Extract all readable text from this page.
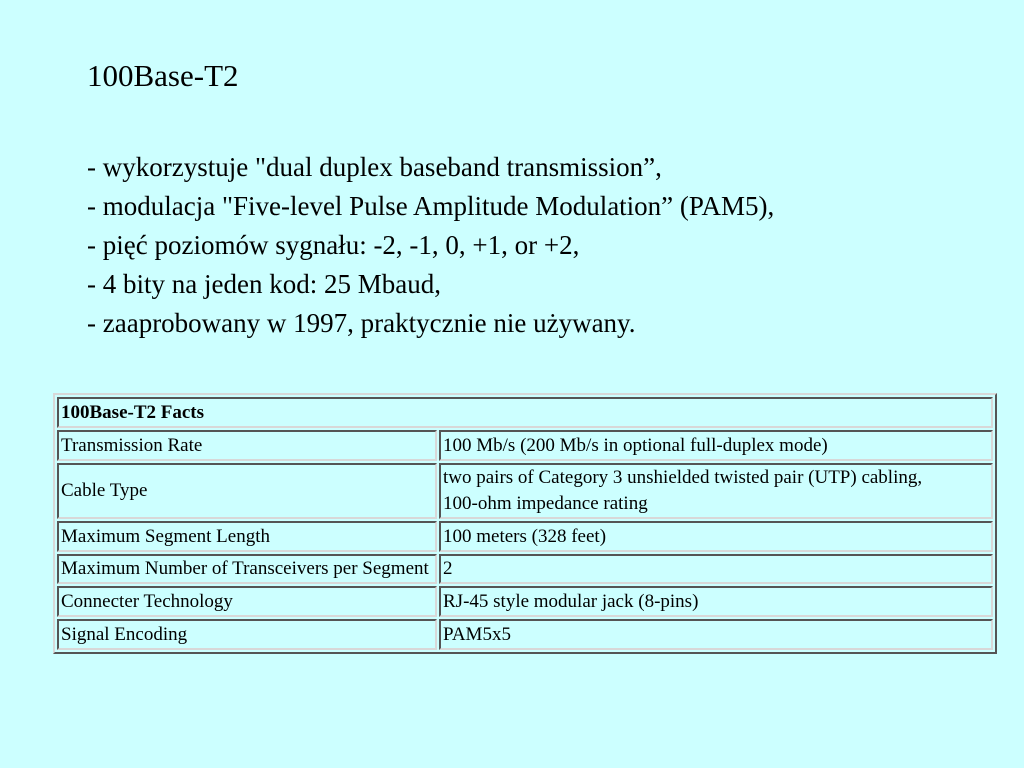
100Base-T2
- wykorzystuje "dual duplex baseband transmission”,
- modulacja "Five-level Pulse Amplitude Modulation” (PAM5),
- pięć poziomów sygnału: -2, -1, 0, +1, or +2,
- 4 bity na jeden kod: 25 Mbaud,
- zaaprobowany w 1997, praktycznie nie używany.
100Base-T2 Facts	
Transmission Rate	100 Mb/s (200 Mb/s in optional full-duplex mode)
Cable Type	two pairs of Category 3 unshielded twisted pair (UTP) cabling,
100-ohm impedance rating
Maximum Segment Length	100 meters (328 feet)
Maximum Number of Transceivers per Segment	2
Connecter Technology	RJ-45 style modular jack (8-pins)
Signal Encoding	PAM5x5
